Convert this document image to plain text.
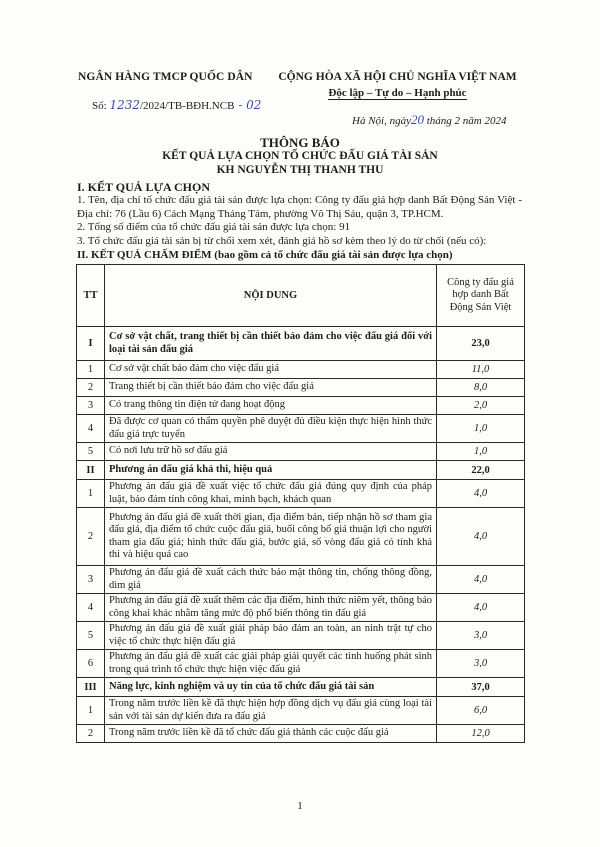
NGÂN HÀNG TMCP QUỐC DÂN
Số: 1232/2024/TB-BĐH.NCB - 02
CỘNG HÒA XÃ HỘI CHỦ NGHĨA VIỆT NAM
Độc lập – Tự do – Hạnh phúc
Hà Nội, ngày20 tháng 2 năm 2024
THÔNG BÁO
KẾT QUẢ LỰA CHỌN TỔ CHỨC ĐẤU GIÁ TÀI SẢN
KH NGUYỄN THỊ THANH THU
I. KẾT QUẢ LỰA CHỌN
1. Tên, địa chỉ tổ chức đấu giá tài sản được lựa chọn: Công ty đấu giá hợp danh Bất Động Sản Việt - Địa chỉ: 76 (Lầu 6) Cách Mạng Tháng Tám, phường Võ Thị Sáu, quận 3, TP.HCM.
2. Tổng số điểm của tổ chức đấu giá tài sản được lựa chọn: 91
3. Tổ chức đấu giá tài sản bị từ chối xem xét, đánh giá hồ sơ kèm theo lý do từ chối (nếu có):
II. KẾT QUẢ CHẤM ĐIỂM (bao gồm cả tổ chức đấu giá tài sản được lựa chọn)
TT	NỘI DUNG	Công ty đấu giá hợp danh Bất Động Sản Việt
I	Cơ sở vật chất, trang thiết bị cần thiết bảo đảm cho việc đấu giá đối với loại tài sản đấu giá	23,0
1	Cơ sở vật chất bảo đảm cho việc đấu giá	11,0
2	Trang thiết bị cần thiết bảo đảm cho việc đấu giá	8,0
3	Có trang thông tin điện tử đang hoạt động	2,0
4	Đã được cơ quan có thẩm quyền phê duyệt đủ điều kiện thực hiện hình thức đấu giá trực tuyến	1,0
5	Có nơi lưu trữ hồ sơ đấu giá	1,0
II	Phương án đấu giá khả thi, hiệu quả	22,0
1	Phương án đấu giá đề xuất việc tổ chức đấu giá đúng quy định của pháp luật, bảo đảm tính công khai, minh bạch, khách quan	4,0
2	Phương án đấu giá đề xuất thời gian, địa điểm bán, tiếp nhận hồ sơ tham gia đấu giá, địa điểm tổ chức cuộc đấu giá, buổi công bố giá thuận lợi cho người tham gia đấu giá; hình thức đấu giá, bước giá, số vòng đấu giá có tính khả thi và hiệu quả cao	4,0
3	Phương án đấu giá đề xuất cách thức bảo mật thông tin, chống thông đồng, dìm giá	4,0
4	Phương án đấu giá đề xuất thêm các địa điểm, hình thức niêm yết, thông báo công khai khác nhằm tăng mức độ phổ biến thông tin đấu giá	4,0
5	Phương án đấu giá đề xuất giải pháp bảo đảm an toàn, an ninh trật tự cho việc tổ chức thực hiện đấu giá	3,0
6	Phương án đấu giá đề xuất các giải pháp giải quyết các tình huống phát sinh trong quá trình tổ chức thực hiện việc đấu giá	3,0
III	Năng lực, kinh nghiệm và uy tín của tổ chức đấu giá tài sản	37,0
1	Trong năm trước liền kề đã thực hiện hợp đồng dịch vụ đấu giá cùng loại tài sản với tài sản dự kiến đưa ra đấu giá	6,0
2	Trong năm trước liền kề đã tổ chức đấu giá thành các cuộc đấu giá	12,0
1
